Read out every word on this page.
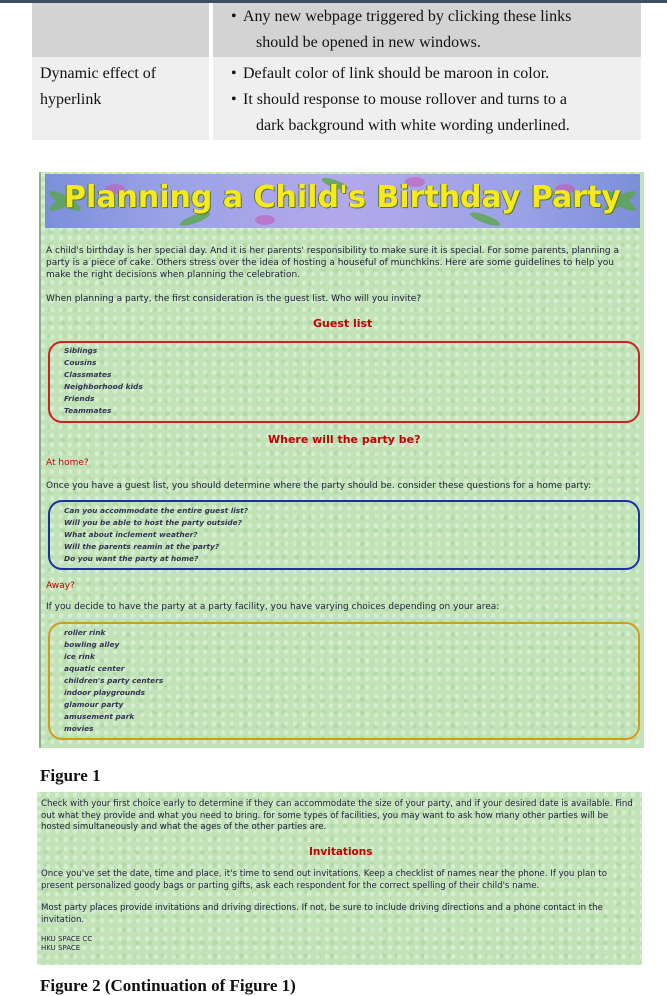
	• Any new webpage triggered by clicking these links

should be opened in new windows.

Dynamic effect of
hyperlink	• Default color of link should be maroon in color.
• It should response to mouse rollover and turns to a

dark background with white wording underlined.
Planning a Child's Birthday Party
A child's birthday is her special day. And it is her parents' responsibility to make sure it is special. For some parents, planning a party is a piece of cake. Others stress over the idea of hosting a houseful of munchkins. Here are some guidelines to help you make the right decisions when planning the celebration.
When planning a party, the first consideration is the guest list. Who will you invite?
Guest list
Siblings
Cousins
Classmates
Neighborhood kids
Friends
Teammates
Where will the party be?
At home?
Once you have a guest list, you should determine where the party should be. consider these questions for a home party:
Can you accommodate the entire guest list?
Will you be able to host the party outside?
What about inclement weather?
Will the parents reamin at the party?
Do you want the party at home?
Away?
If you decide to have the party at a party facility, you have varying choices depending on your area:
roller rink
bowling alley
ice rink
aquatic center
children's party centers
indoor playgrounds
glamour party
amusement park
movies
Figure 1
Check with your first choice early to determine if they can accommodate the size of your party, and if your desired date is available. Find out what they provide and what you need to bring. for some types of facilities, you may want to ask how many other parties will be hosted simultaneously and what the ages of the other parties are.
Invitations
Once you've set the date, time and place, it's time to send out invitations. Keep a checklist of names near the phone. If you plan to present personalized goody bags or parting gifts, ask each respondent for the correct spelling of their child's name.
Most party places provide invitations and driving directions. If not, be sure to include driving directions and a phone contact in the invitation.
HKU SPACE CC
HKU SPACE
Figure 2 (Continuation of Figure 1)
